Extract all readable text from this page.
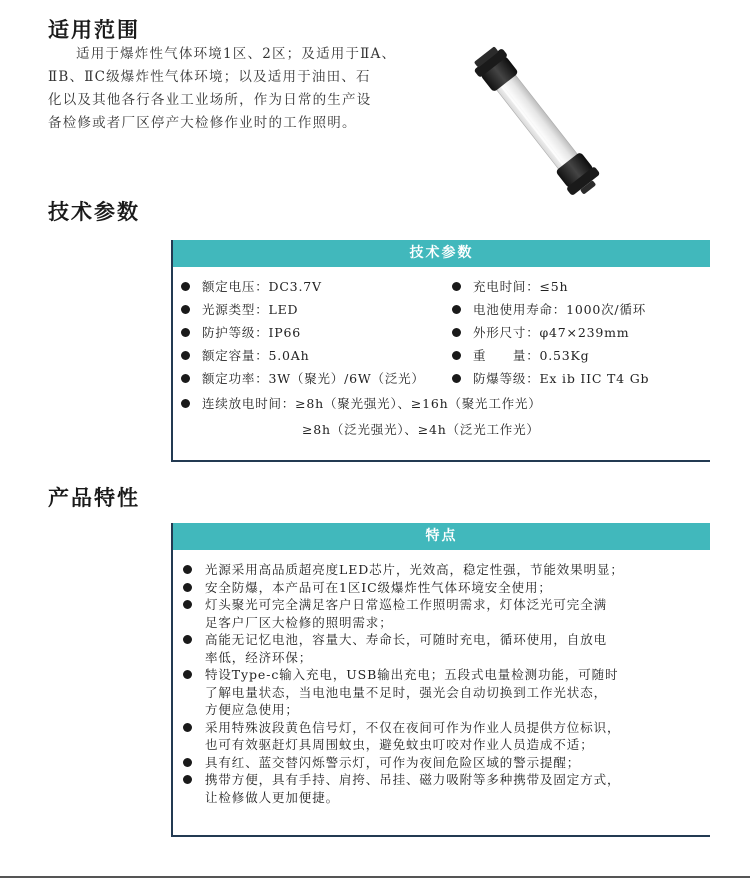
适用范围

适用于爆炸性气体环境1区、2区；及适用于ⅡA、

ⅡB、ⅡC级爆炸性气体环境；以及适用于油田、石

化以及其他各行各业工业场所，作为日常的生产设

备检修或者厂区停产大检修作业时的工作照明。

技术参数
技术参数
额定电压：DC3.7V
光源类型：LED
防护等级：IP66
额定容量：5.0Ah
额定功率：3W（聚光）/6W（泛光）
充电时间：≤5h
电池使用寿命：1000次/循环
外形尺寸：φ47×239mm
重　　量：0.53Kg
防爆等级：Ex ib IIC T4 Gb
连续放电时间：≥8h（聚光强光）、≥16h（聚光工作光）
≥8h（泛光强光）、≥4h（泛光工作光）
产品特性
特点
光源采用高品质超亮度LED芯片，光效高，稳定性强，节能效果明显；
安全防爆，本产品可在1区IC级爆炸性气体环境安全使用；
灯头聚光可完全满足客户日常巡检工作照明需求，灯体泛光可完全满
足客户厂区大检修的照明需求；
高能无记忆电池，容量大、寿命长，可随时充电，循环使用，自放电
率低，经济环保；
特设Type-c输入充电，USB输出充电；五段式电量检测功能，可随时
了解电量状态，当电池电量不足时，强光会自动切换到工作光状态，
方便应急使用；
采用特殊波段黄色信号灯，不仅在夜间可作为作业人员提供方位标识，
也可有效驱赶灯具周围蚊虫，避免蚊虫叮咬对作业人员造成不适；
具有红、蓝交替闪烁警示灯，可作为夜间危险区域的警示提醒；
携带方便，具有手持、肩挎、吊挂、磁力吸附等多种携带及固定方式，
让检修做人更加便捷。
